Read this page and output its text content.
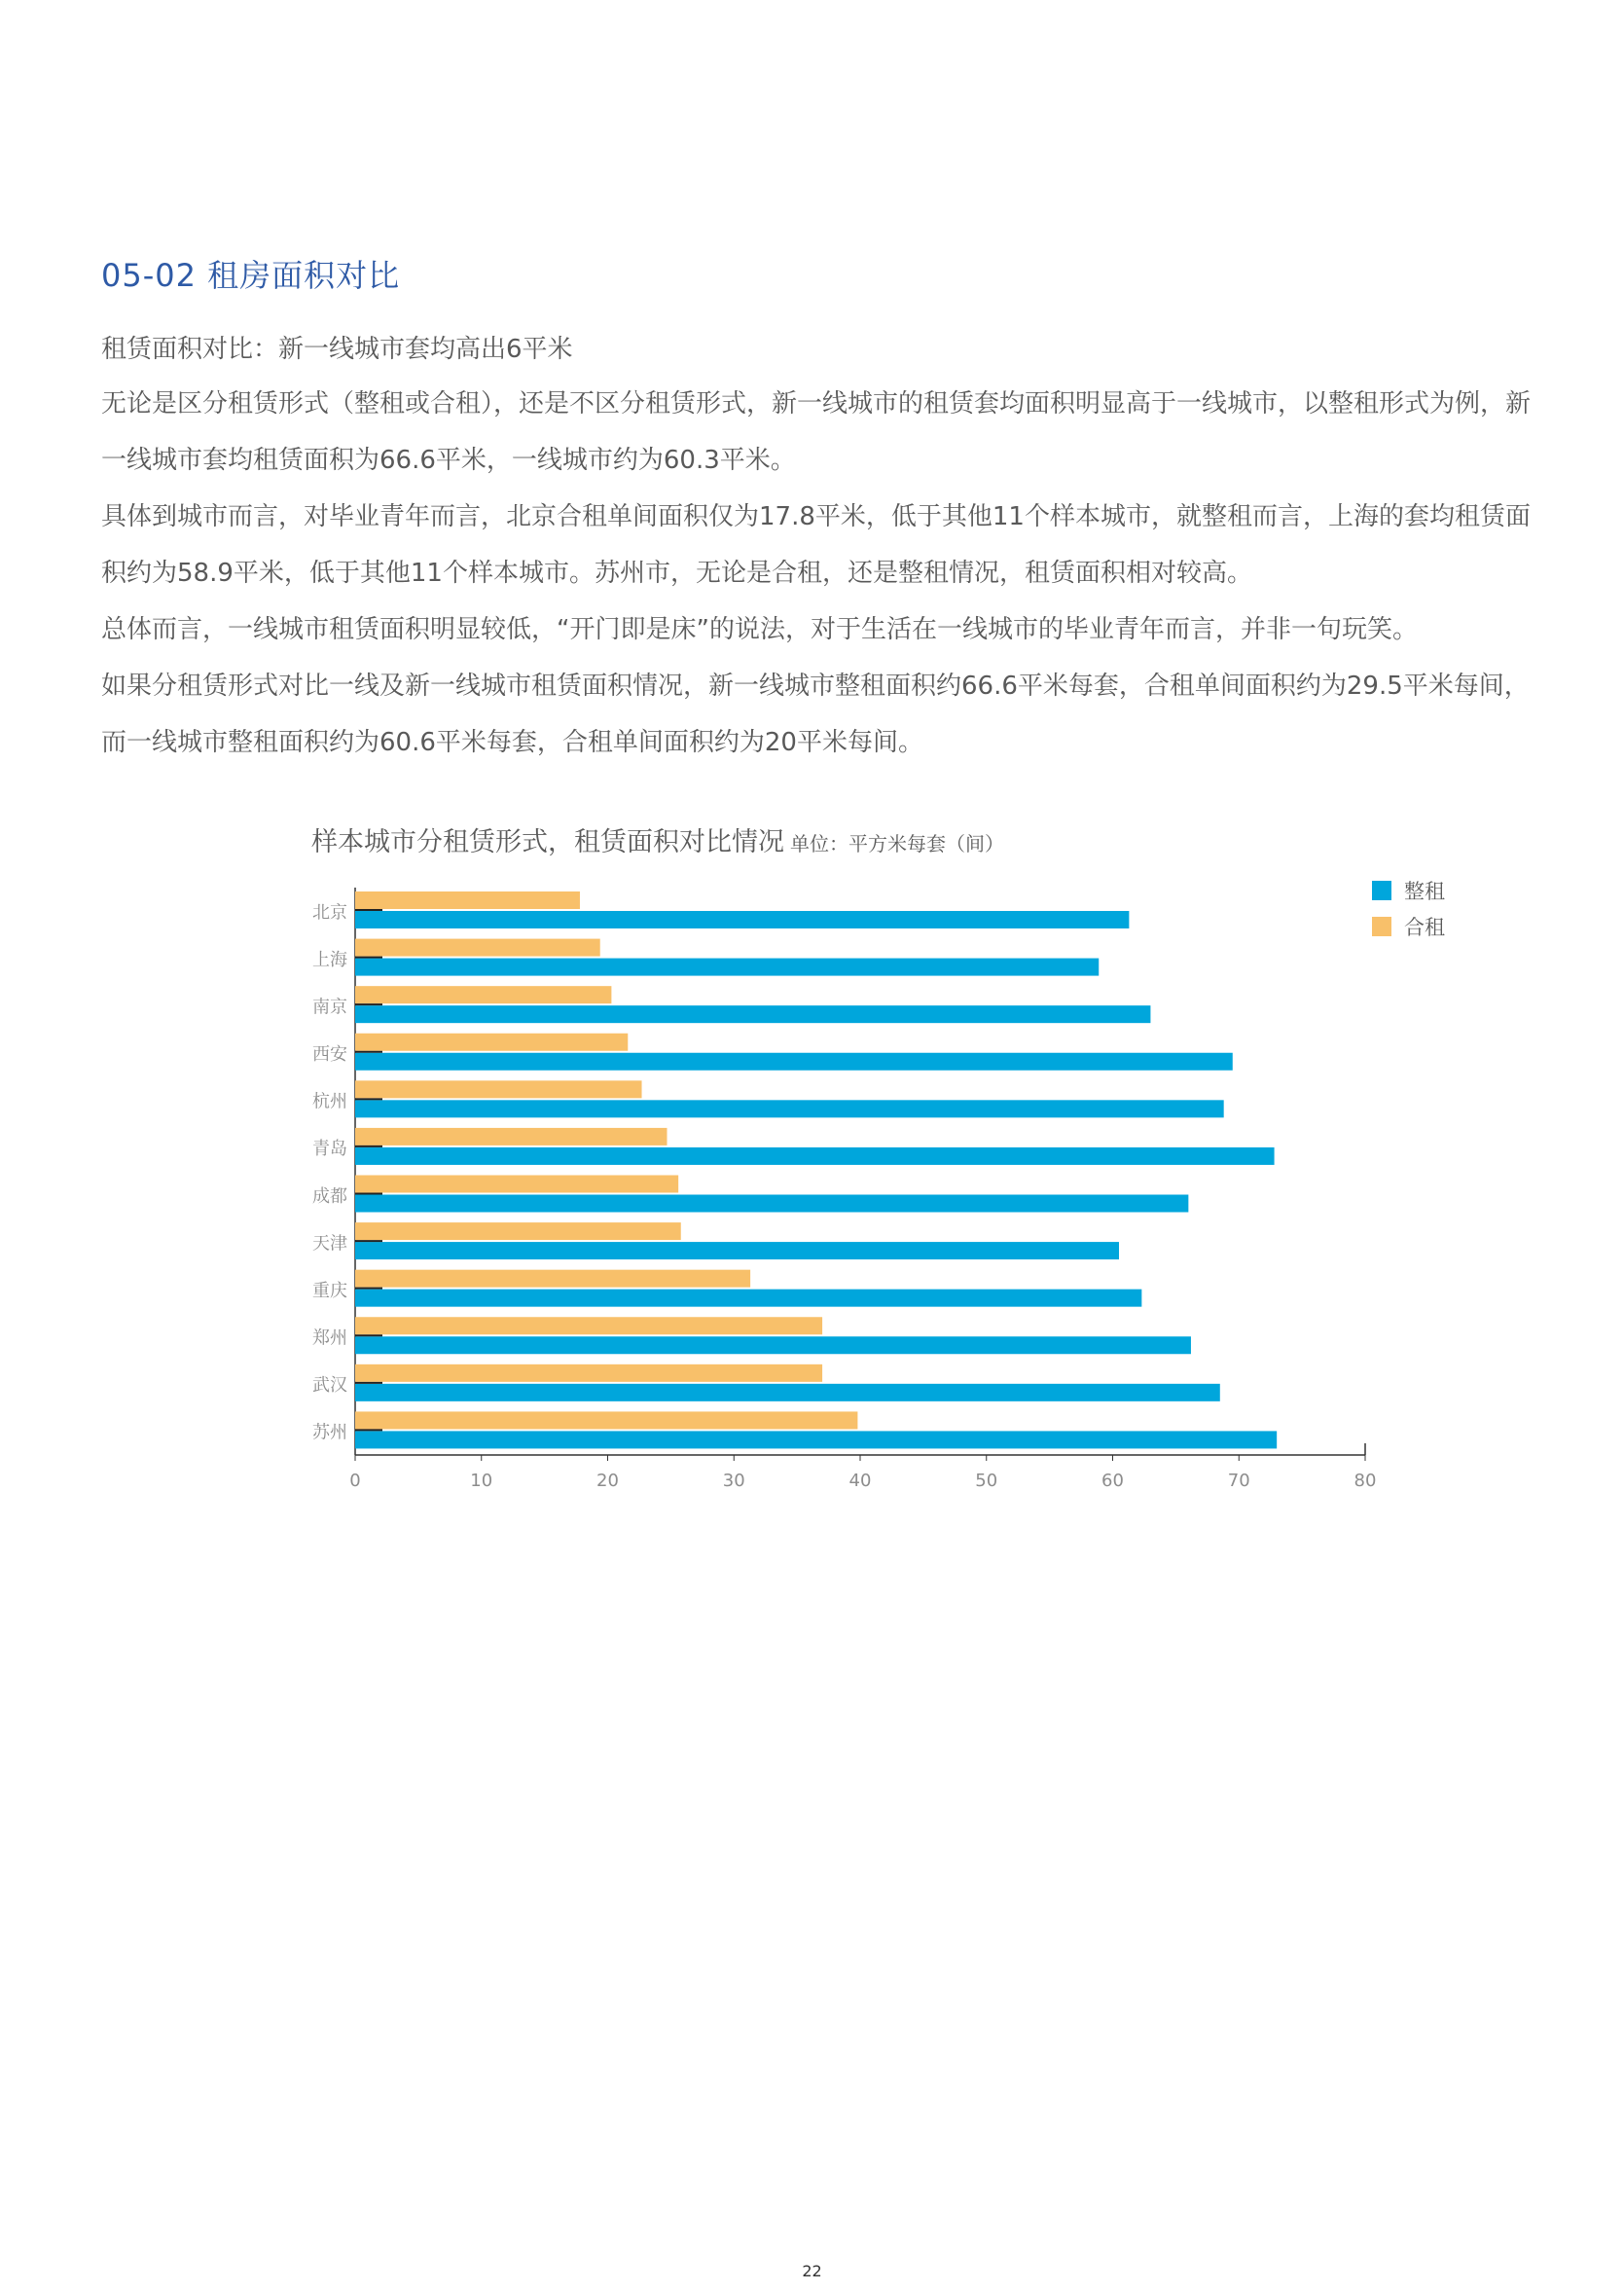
05-02 租房面积对比
租赁面积对比：新一线城市套均高出6平米

无论是区分租赁形式（整租或合租），还是不区分租赁形式，新一线城市的租赁套均面积明显高于一线城市，以整租形式为例，新一线城市套均租赁面积为66.6平米，一线城市约为60.3平米。

具体到城市而言，对毕业青年而言，北京合租单间面积仅为17.8平米，低于其他11个样本城市，就整租而言，上海的套均租赁面积约为58.9平米，低于其他11个样本城市。苏州市，无论是合租，还是整租情况，租赁面积相对较高。

总体而言，一线城市租赁面积明显较低，“开门即是床”的说法，对于生活在一线城市的毕业青年而言，并非一句玩笑。

如果分租赁形式对比一线及新一线城市租赁面积情况，新一线城市整租面积约66.6平米每套，合租单间面积约为29.5平米每间，而一线城市整租面积约为60.6平米每套，合租单间面积约为20平米每间。

样本城市分租赁形式，租赁面积对比情况 单位：平方米每套（间）
北京
上海
南京
西安
杭州
青岛
成都
天津
重庆
郑州
武汉
苏州
0	10	20	30	40	50	60	70	80
整租
合租
22
